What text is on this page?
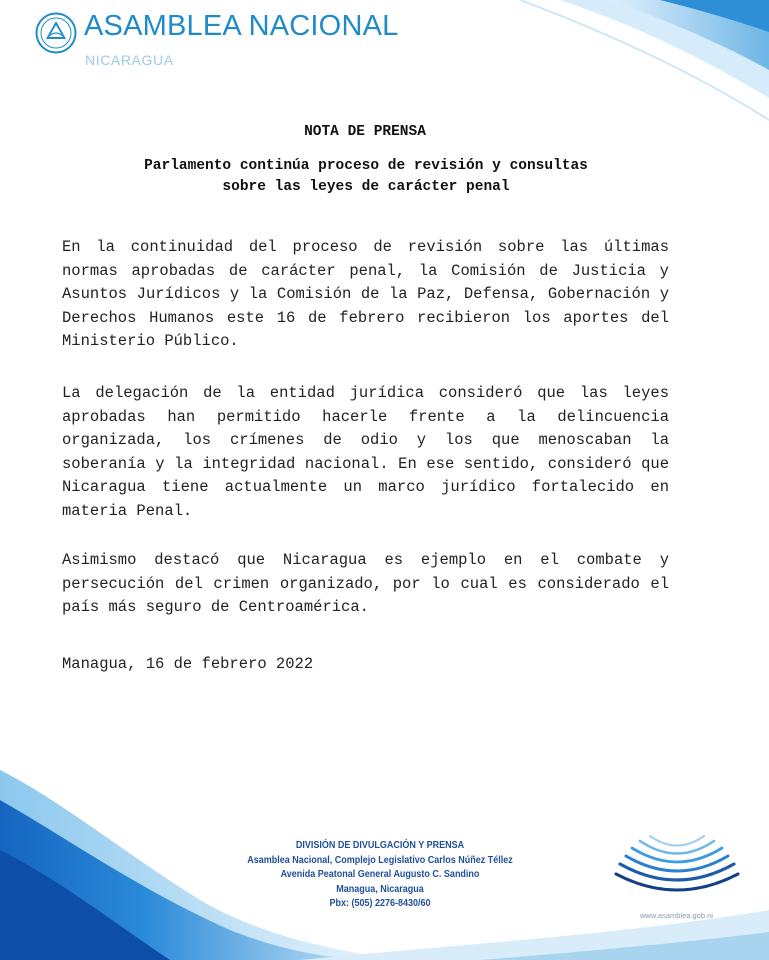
ASAMBLEA NACIONAL
NICARAGUA
NOTA DE PRENSA
Parlamento continúa proceso de revisión y consultas
sobre las leyes de carácter penal
En la continuidad del proceso de revisión sobre las últimas normas aprobadas de carácter penal, la Comisión de Justicia y Asuntos Jurídicos y la Comisión de la Paz, Defensa, Gobernación y Derechos Humanos este 16 de febrero recibieron los aportes del Ministerio Público.
La delegación de la entidad jurídica consideró que las leyes aprobadas han permitido hacerle frente a la delincuencia organizada, los crímenes de odio y los que menoscaban la soberanía y la integridad nacional. En ese sentido, consideró que Nicaragua tiene actualmente un marco jurídico fortalecido en materia Penal.
Asimismo destacó que Nicaragua es ejemplo en el combate y persecución del crimen organizado, por lo cual es considerado el país más seguro de Centroamérica.
Managua, 16 de febrero 2022
DIVISIÓN DE DIVULGACIÓN Y PRENSA
Asamblea Nacional, Complejo Legislativo Carlos Núñez Téllez
Avenida Peatonal General Augusto C. Sandino
Managua, Nicaragua
Pbx: (505) 2276-8430/60
www.asamblea.gob.ni
